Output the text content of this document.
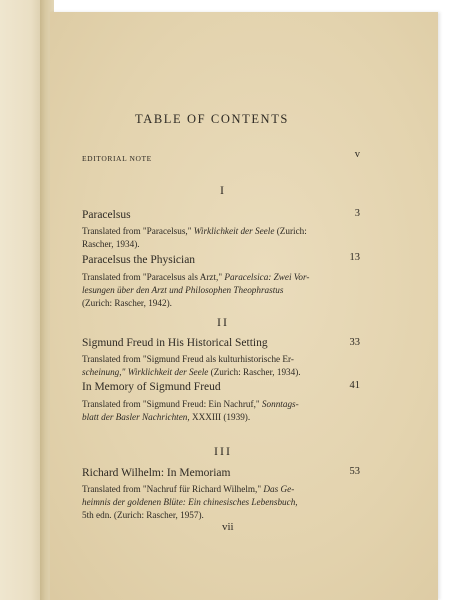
TABLE OF CONTENTS
EDITORIAL NOTE	v
I
Paracelsus	3
Translated from "Paracelsus," Wirklichkeit der Seele (Zurich:
Rascher, 1934).
Paracelsus the Physician	13
Translated from "Paracelsus als Arzt," Paracelsica: Zwei Vor-
lesungen über den Arzt und Philosophen Theophrastus
(Zurich: Rascher, 1942).
II
Sigmund Freud in His Historical Setting	33
Translated from "Sigmund Freud als kulturhistorische Er-
scheinung," Wirklichkeit der Seele (Zurich: Rascher, 1934).
In Memory of Sigmund Freud	41
Translated from "Sigmund Freud: Ein Nachruf," Sonntags-
blatt der Basler Nachrichten, XXXIII (1939).
III
Richard Wilhelm: In Memoriam	53
Translated from "Nachruf für Richard Wilhelm," Das Ge-
heimnis der goldenen Blüte: Ein chinesisches Lebensbuch,
5th edn. (Zurich: Rascher, 1957).
vii
